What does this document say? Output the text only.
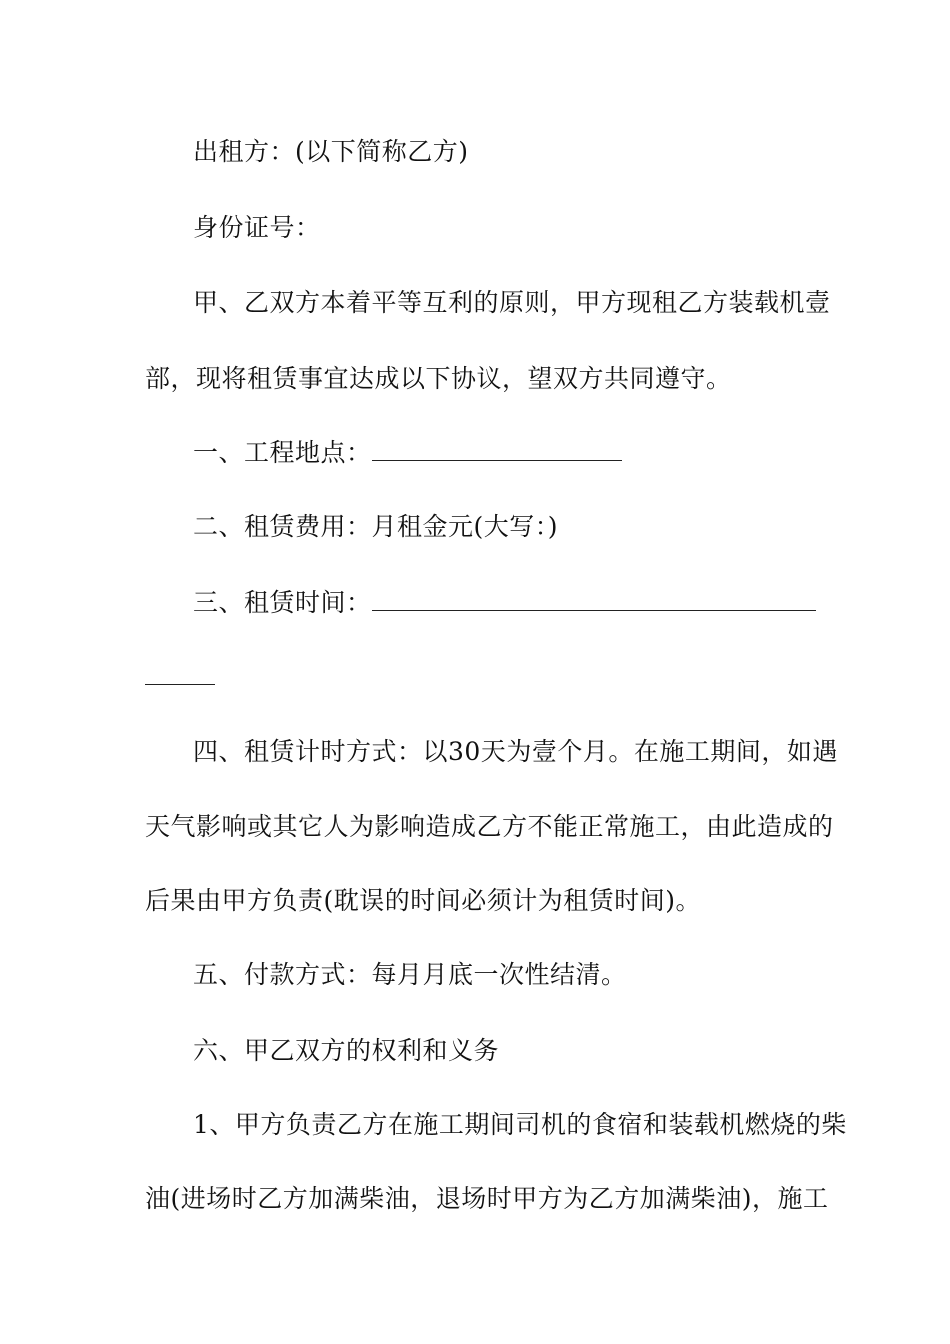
出租方：(以下简称乙方)
身份证号：
甲、乙双方本着平等互利的原则，甲方现租乙方装载机壹
部，现将租赁事宜达成以下协议，望双方共同遵守。
一、工程地点：
二、租赁费用：月租金元(大写：)
三、租赁时间：
四、租赁计时方式：以30天为壹个月。在施工期间，如遇
天气影响或其它人为影响造成乙方不能正常施工，由此造成的
后果由甲方负责(耽误的时间必须计为租赁时间)。
五、付款方式：每月月底一次性结清。
六、甲乙双方的权利和义务
1、甲方负责乙方在施工期间司机的食宿和装载机燃烧的柴
油(进场时乙方加满柴油，退场时甲方为乙方加满柴油)，施工
